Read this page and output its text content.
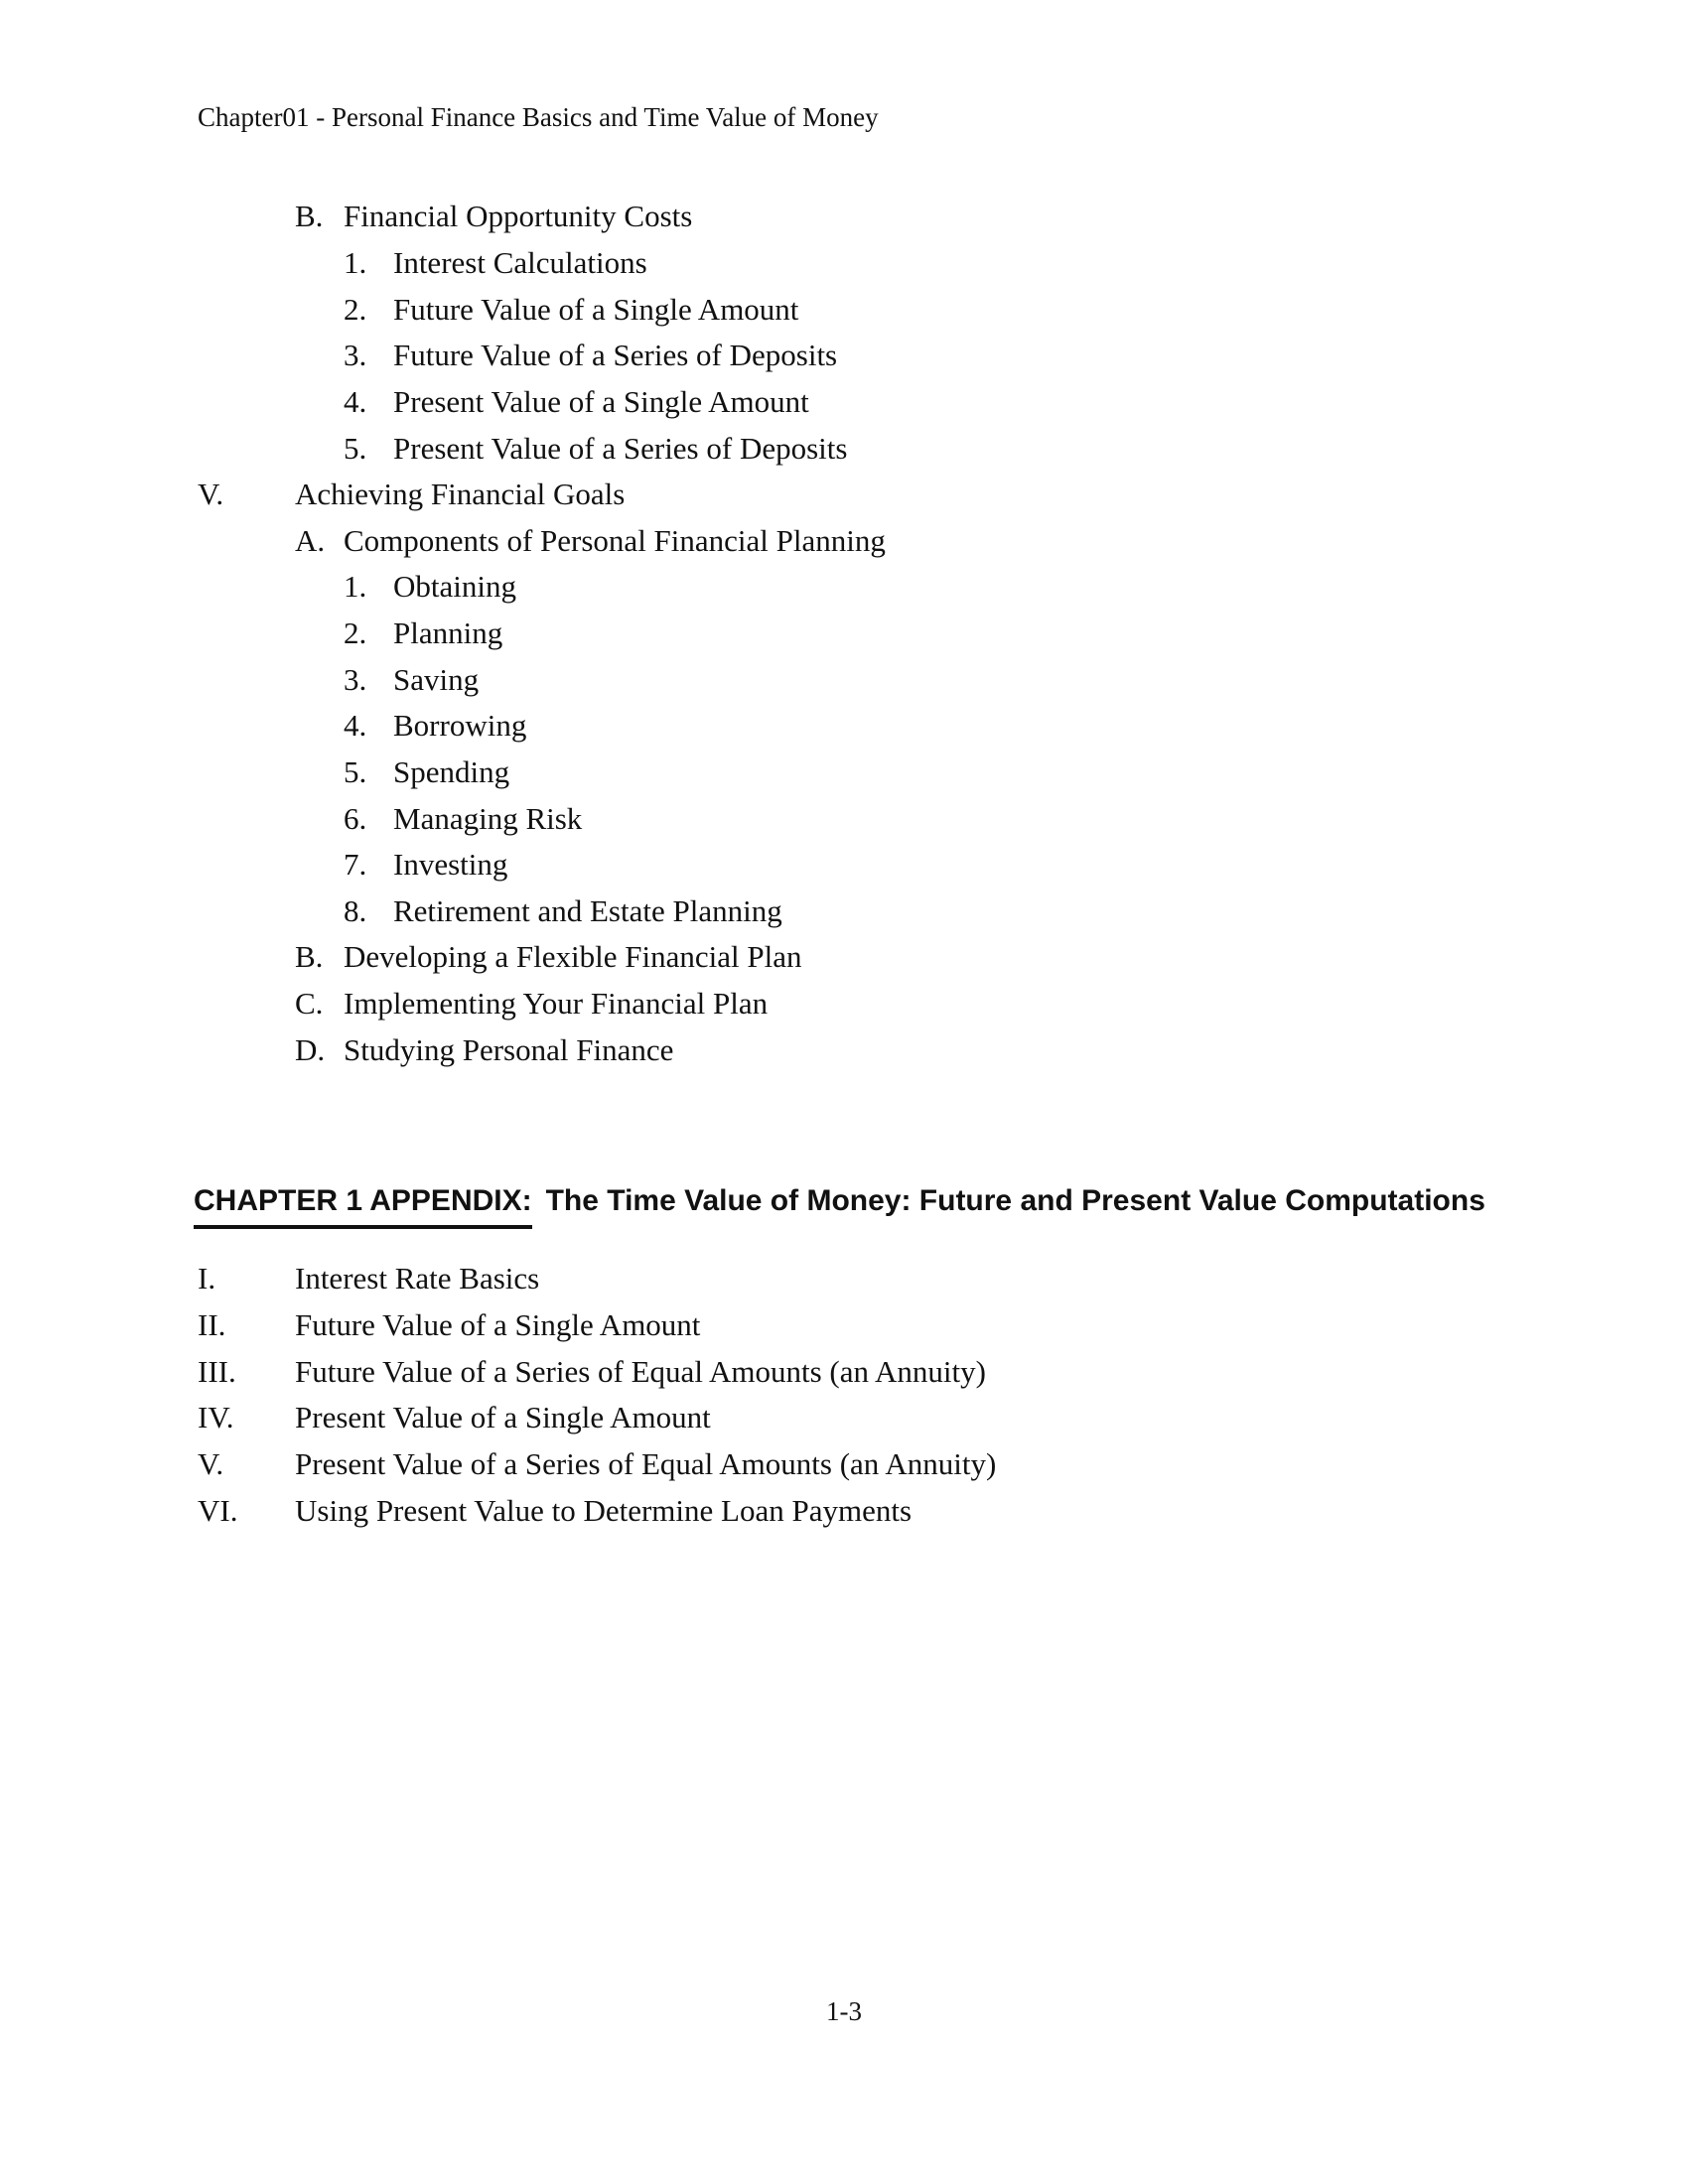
Chapter01 - Personal Finance Basics and Time Value of Money
B. Financial Opportunity Costs
1. Interest Calculations
2. Future Value of a Single Amount
3. Future Value of a Series of Deposits
4. Present Value of a Single Amount
5. Present Value of a Series of Deposits
V. Achieving Financial Goals
A. Components of Personal Financial Planning
1. Obtaining
2. Planning
3. Saving
4. Borrowing
5. Spending
6. Managing Risk
7. Investing
8. Retirement and Estate Planning
B. Developing a Flexible Financial Plan
C. Implementing Your Financial Plan
D. Studying Personal Finance
CHAPTER 1 APPENDIX: The Time Value of Money: Future and Present Value Computations
I.	Interest Rate Basics
II. Future Value of a Single Amount
III. Future Value of a Series of Equal Amounts (an Annuity)
IV. Present Value of a Single Amount
V. Present Value of a Series of Equal Amounts (an Annuity)
VI. Using Present Value to Determine Loan Payments
1-3
